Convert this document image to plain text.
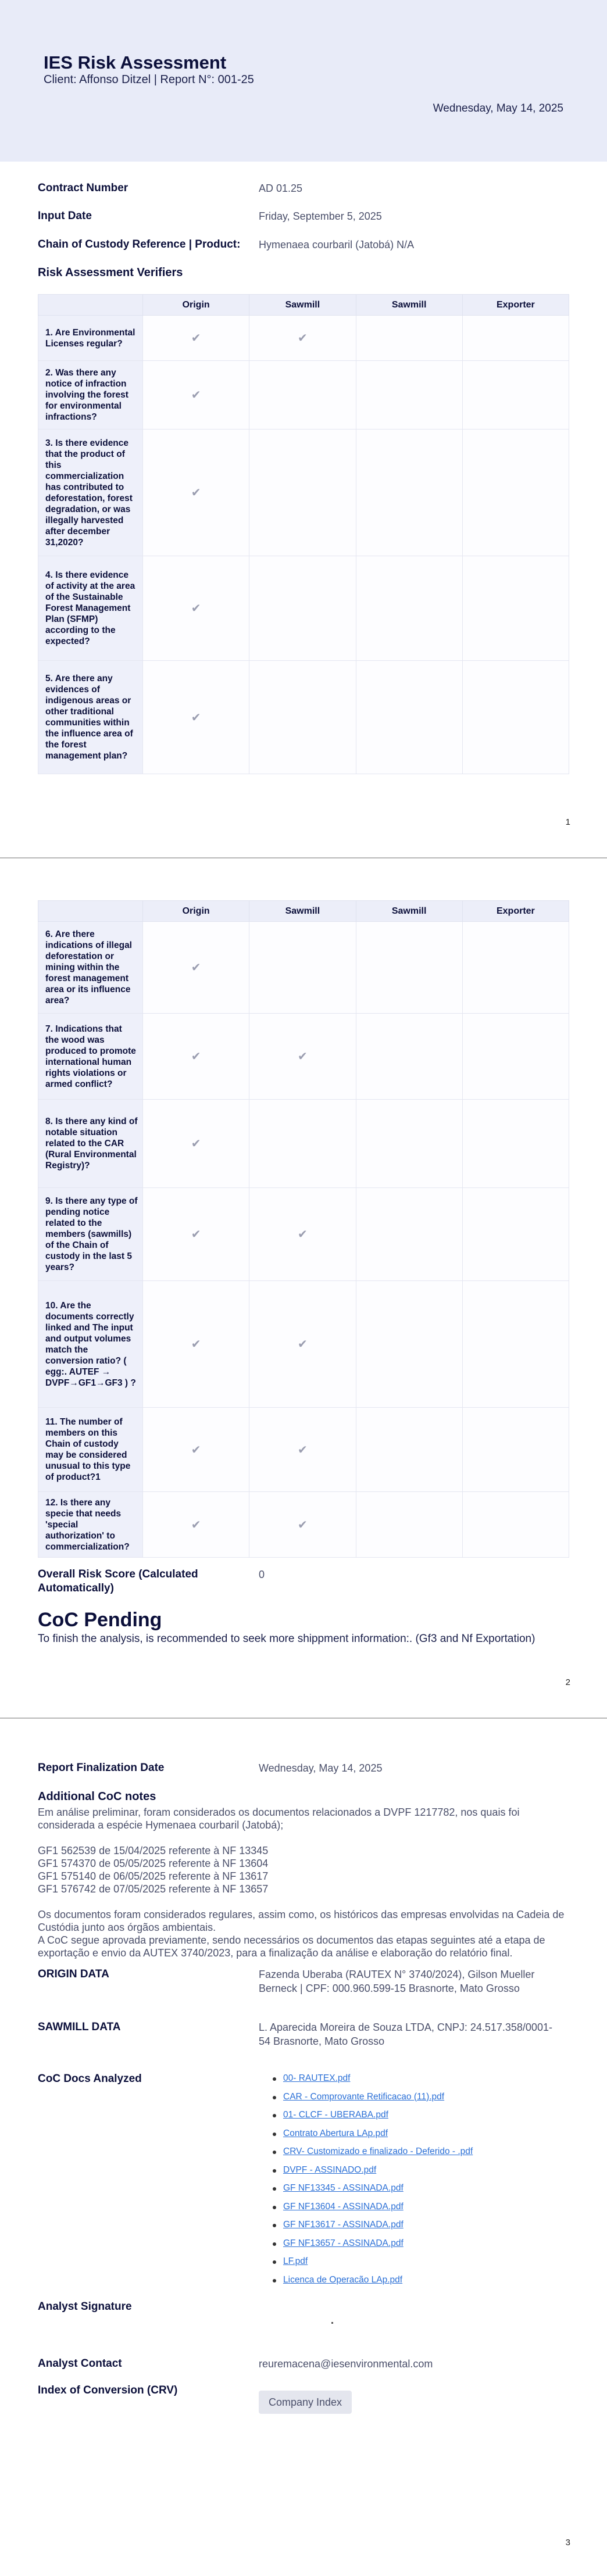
IES Risk Assessment
Client: Affonso Ditzel | Report N°: 001-25
Wednesday, May 14, 2025
Contract Number	AD 01.25
Input Date	Friday, September 5, 2025
Chain of Custody Reference | Product:	Hymenaea courbaril (Jatobá) N/A
Risk Assessment Verifiers
	Origin	Sawmill	Sawmill	Exporter
1. Are Environmental Licenses regular?	✔	✔		
2. Was there any notice of infraction involving the forest for environmental infractions?	✔			
3. Is there evidence that the product of this commercialization has contributed to deforestation, forest degradation, or was illegally harvested after december 31,2020?	✔			
4. Is there evidence of activity at the area of the Sustainable Forest Management Plan (SFMP) according to the expected?	✔			
5. Are there any evidences of indigenous areas or other traditional communities within the influence area of the forest management plan?	✔			
1
	Origin	Sawmill	Sawmill	Exporter
6. Are there indications of illegal deforestation or mining within the forest management area or its influence area?	✔			
7. Indications that the wood was produced to promote international human rights violations or armed conflict?	✔	✔		
8. Is there any kind of notable situation related to the CAR (Rural Environmental Registry)?	✔			
9. Is there any type of pending notice related to the members (sawmills) of the Chain of custody in the last 5 years?	✔	✔		
10. Are the documents correctly linked and The input and output volumes match the conversion ratio? ( egg:. AUTEF → DVPF→GF1→GF3 ) ?	✔	✔		
11. The number of members on this Chain of custody may be considered unusual to this type of product?1	✔	✔		
12. Is there any specie that needs 'special authorization' to commercialization?	✔	✔		
Overall Risk Score (Calculated Automatically)
0
CoC Pending
To finish the analysis, is recommended to seek more shippment information:. (Gf3 and Nf Exportation)
2
Report Finalization Date	Wednesday, May 14, 2025
Additional CoC notes

Em análise preliminar, foram considerados os documentos relacionados a DVPF 1217782, nos quais foi considerada a espécie Hymenaea courbaril (Jatobá);

GF1 562539 de 15/04/2025 referente à NF 13345

GF1 574370 de 05/05/2025 referente à NF 13604

GF1 575140 de 06/05/2025 referente à NF 13617

GF1 576742 de 07/05/2025 referente à NF 13657

Os documentos foram considerados regulares, assim como, os históricos das empresas envolvidas na Cadeia de Custódia junto aos órgãos ambientais.

A CoC segue aprovada previamente, sendo necessários os documentos das etapas seguintes até a etapa de exportação e envio da AUTEX 3740/2023, para a finalização da análise e elaboração do relatório final.

ORIGIN DATA	Fazenda Uberaba (RAUTEX N° 3740/2024), Gilson Mueller Berneck | CPF: 000.960.599-15 Brasnorte, Mato Grosso
SAWMILL DATA	L. Aparecida Moreira de Souza LTDA, CNPJ: 24.517.358/0001-54 Brasnorte, Mato Grosso
CoC Docs Analyzed	00- RAUTEX.pdf
CAR - Comprovante Retificacao (11).pdf
01- CLCF - UBERABA.pdf
Contrato Abertura LAp.pdf
CRV- Customizado e finalizado - Deferido - .pdf
DVPF - ASSINADO.pdf
GF NF13345 - ASSINADA.pdf
GF NF13604 - ASSINADA.pdf
GF NF13617 - ASSINADA.pdf
GF NF13657 - ASSINADA.pdf
LF.pdf
Licenca de Operacão LAp.pdf
Analyst Signature
Analyst Contact	reuremacena@iesenvironmental.com
Index of Conversion (CRV)
Company Index
3
